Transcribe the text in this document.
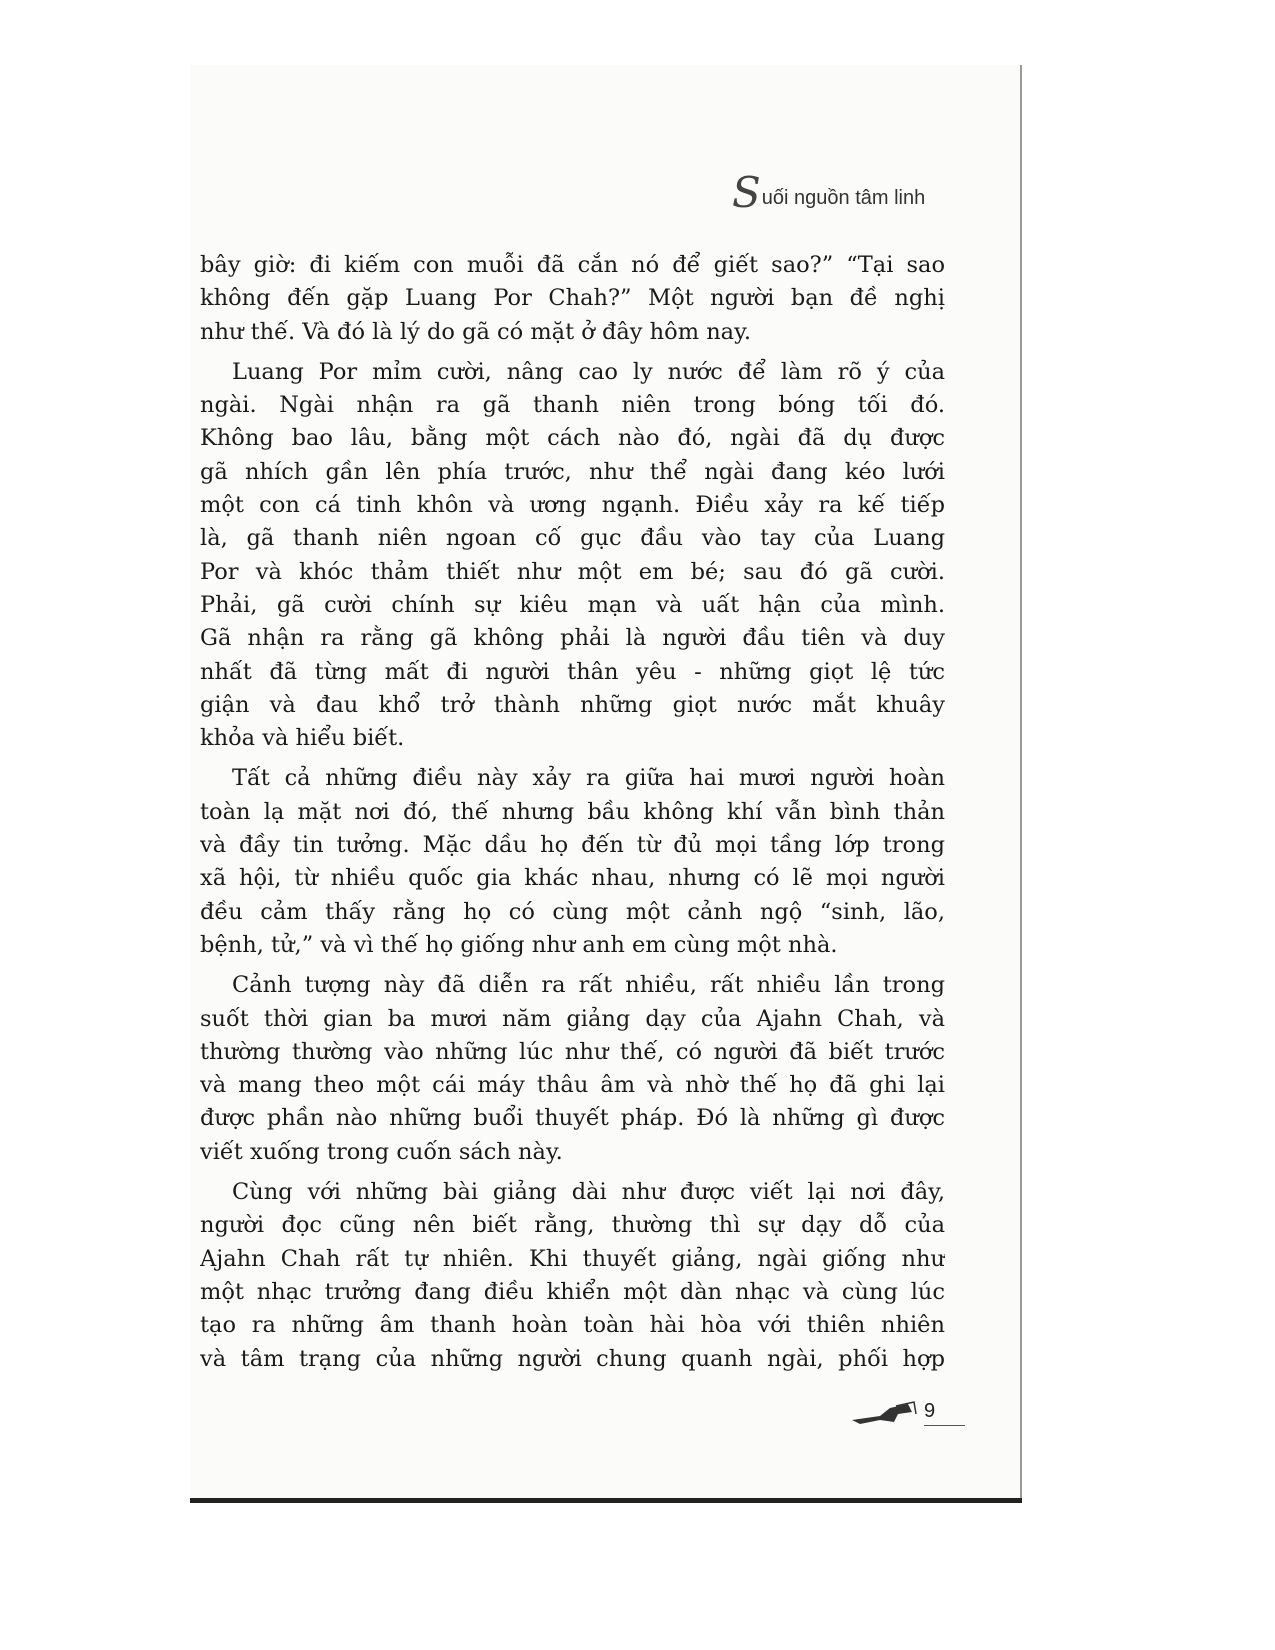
S uối nguồn tâm linh
bây giờ: đi kiếm con muỗi đã cắn nó để giết sao?” “Tại sao
không đến gặp Luang Por Chah?” Một người bạn đề nghị
như thế. Và đó là lý do gã có mặt ở đây hôm nay.
Luang Por mỉm cười, nâng cao ly nước để làm rõ ý của
ngài. Ngài nhận ra gã thanh niên trong bóng tối đó.
Không bao lâu, bằng một cách nào đó, ngài đã dụ được
gã nhích gần lên phía trước, như thể ngài đang kéo lưới
một con cá tinh khôn và ương ngạnh. Điều xảy ra kế tiếp
là, gã thanh niên ngoan cố gục đầu vào tay của Luang
Por và khóc thảm thiết như một em bé; sau đó gã cười.
Phải, gã cười chính sự kiêu mạn và uất hận của mình.
Gã nhận ra rằng gã không phải là người đầu tiên và duy
nhất đã từng mất đi người thân yêu - những giọt lệ tức
giận và đau khổ trở thành những giọt nước mắt khuây
khỏa và hiểu biết.
Tất cả những điều này xảy ra giữa hai mươi người hoàn
toàn lạ mặt nơi đó, thế nhưng bầu không khí vẫn bình thản
và đầy tin tưởng. Mặc dầu họ đến từ đủ mọi tầng lớp trong
xã hội, từ nhiều quốc gia khác nhau, nhưng có lẽ mọi người
đều cảm thấy rằng họ có cùng một cảnh ngộ “sinh, lão,
bệnh, tử,” và vì thế họ giống như anh em cùng một nhà.
Cảnh tượng này đã diễn ra rất nhiều, rất nhiều lần trong
suốt thời gian ba mươi năm giảng dạy của Ajahn Chah, và
thường thường vào những lúc như thế, có người đã biết trước
và mang theo một cái máy thâu âm và nhờ thế họ đã ghi lại
được phần nào những buổi thuyết pháp. Đó là những gì được
viết xuống trong cuốn sách này.
Cùng với những bài giảng dài như được viết lại nơi đây,
người đọc cũng nên biết rằng, thường thì sự dạy dỗ của
Ajahn Chah rất tự nhiên. Khi thuyết giảng, ngài giống như
một nhạc trưởng đang điều khiển một dàn nhạc và cùng lúc
tạo ra những âm thanh hoàn toàn hài hòa với thiên nhiên
và tâm trạng của những người chung quanh ngài, phối hợp
9
